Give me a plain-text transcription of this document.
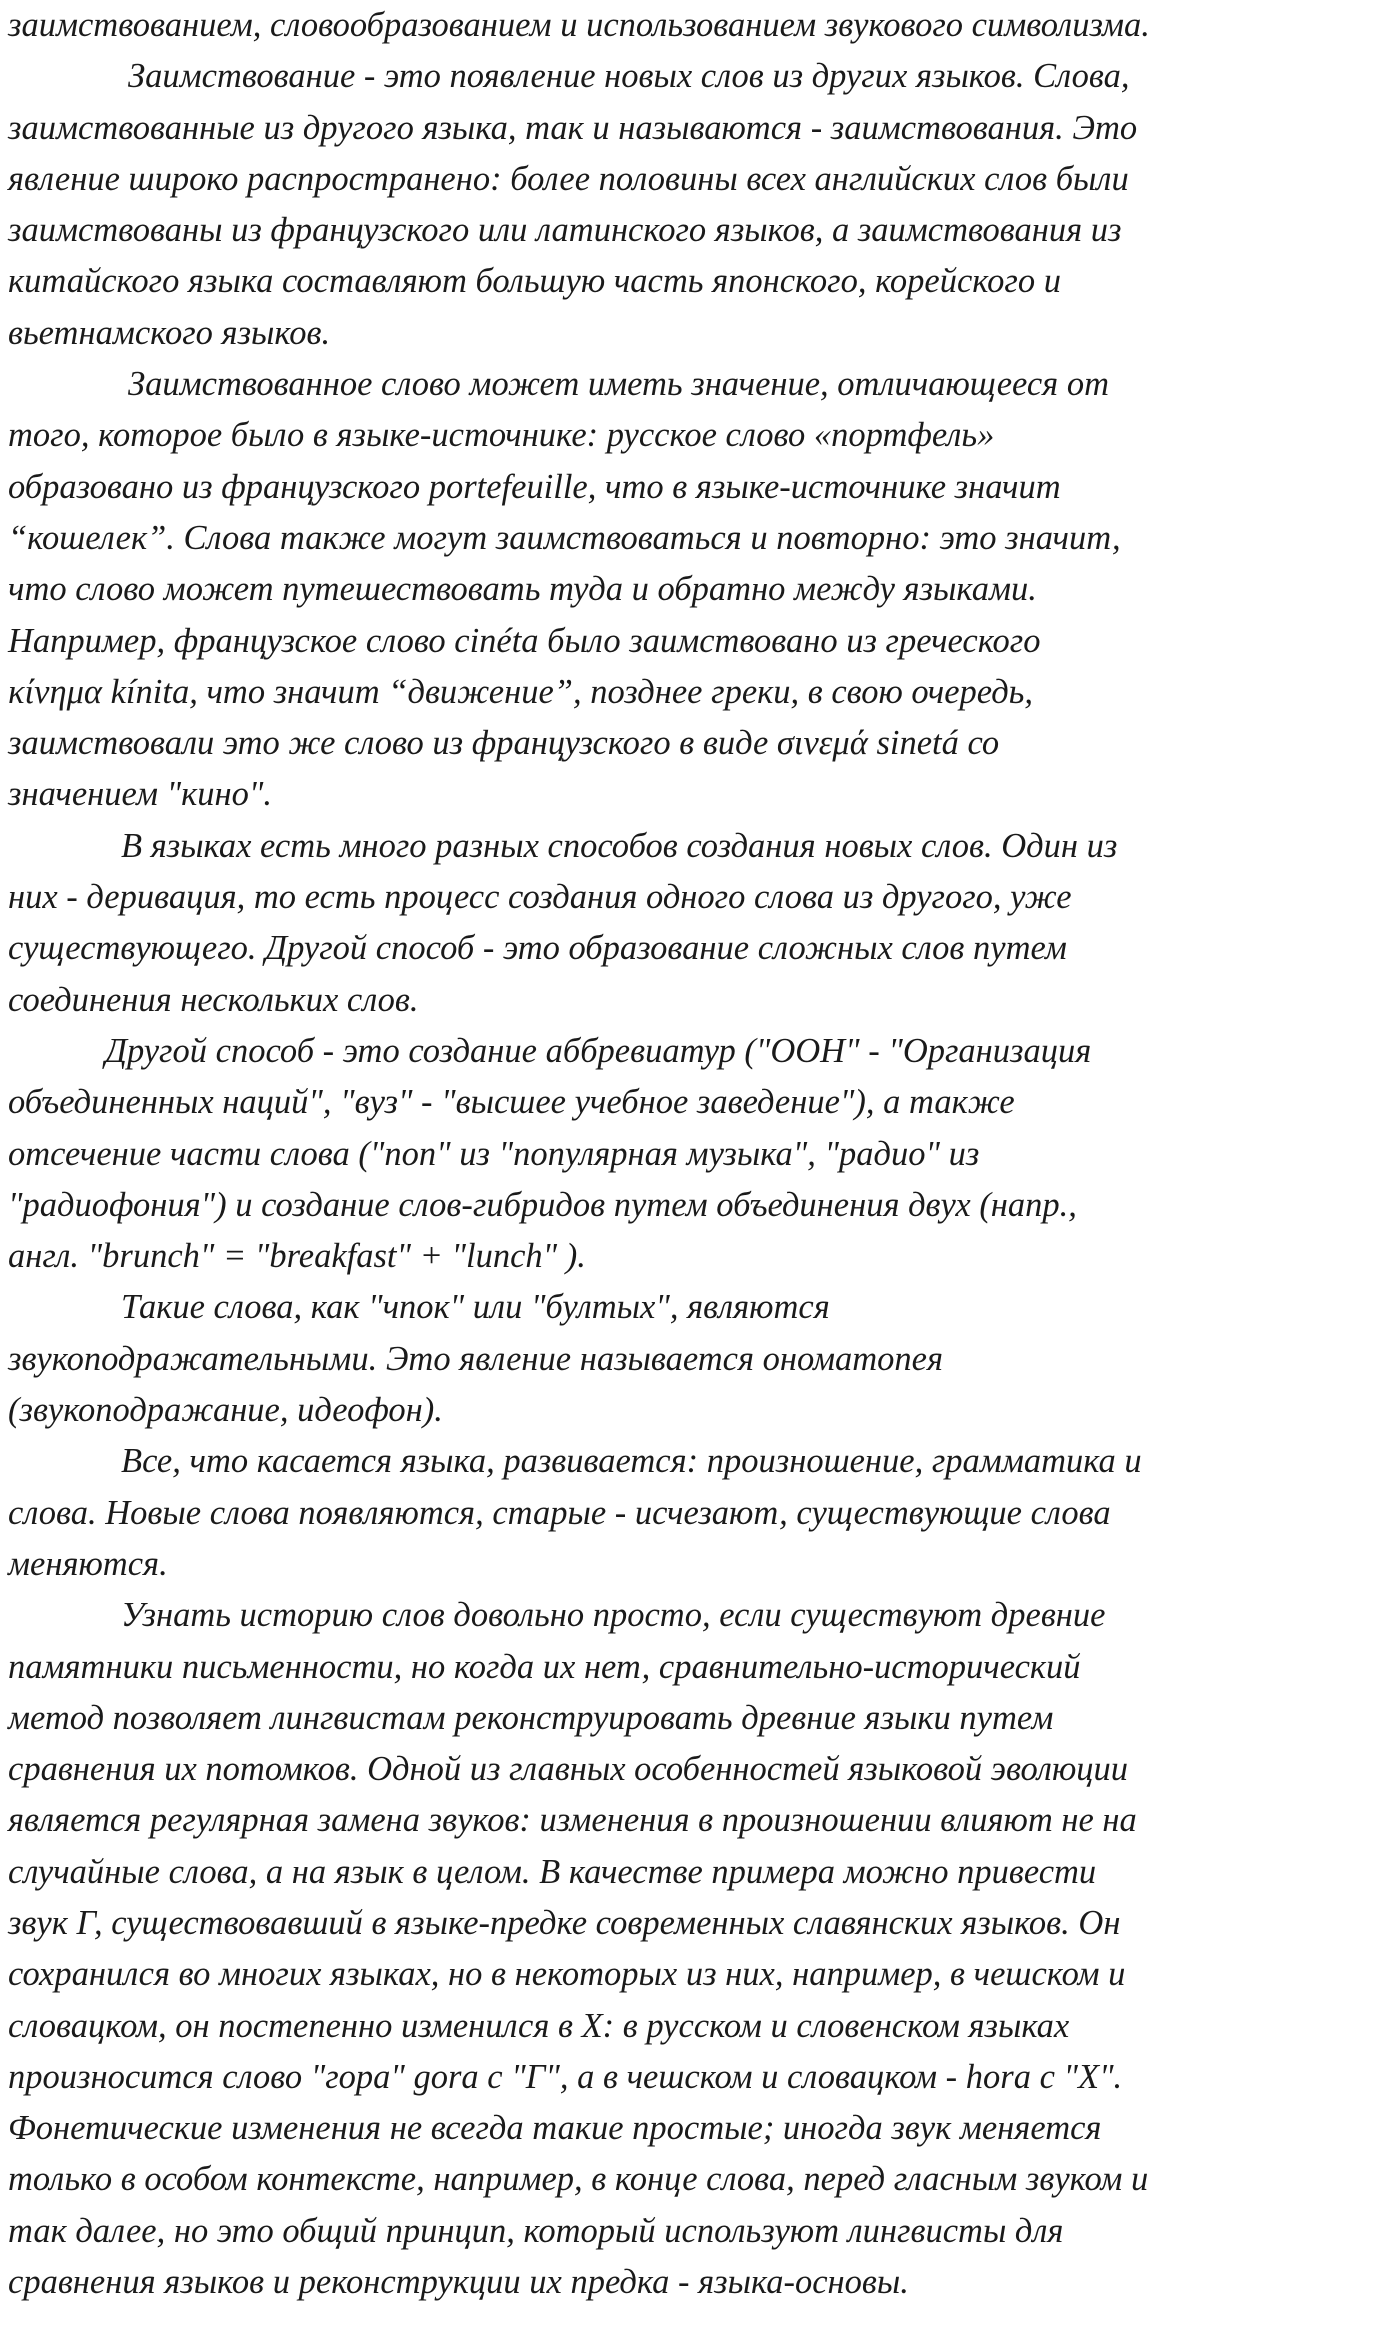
заимствованием, словообразованием и использованием звукового символизма.
Заимствование - это появление новых слов из других языков. Слова,
заимствованные из другого языка, так и называются - заимствования. Это
явление широко распространено: более половины всех английских слов были
заимствованы из французского или латинского языков, а заимствования из
китайского языка составляют большую часть японского, корейского и
вьетнамского языков.
Заимствованное слово может иметь значение, отличающееся от
того, которое было в языке-источнике: русское слово «портфель»
образовано из французского portefeuille, что в языке-источнике значит
“кошелек”. Слова также могут заимствоваться и повторно: это значит,
что слово может путешествовать туда и обратно между языками.
Например, французское слово cinéta было заимствовано из греческого
κίνημα kínita, что значит “движение”, позднее греки, в свою очередь,
заимствовали это же слово из французского в виде σινεμά sinetá со
значением "кино".
В языках есть много разных способов создания новых слов. Один из
них - деривация, то есть процесс создания одного слова из другого, уже
существующего. Другой способ - это образование сложных слов путем
соединения нескольких слов.
Другой способ - это создание аббревиатур ("ООН" - "Организация
объединенных наций", "вуз" - "высшее учебное заведение"), а также
отсечение части слова ("поп" из "популярная музыка", "радио" из
"радиофония") и создание слов-гибридов путем объединения двух (напр.,
англ. "brunch" = "breakfast" + "lunch" ).
Такие слова, как "чпок" или "бултых", являются
звукоподражательными. Это явление называется ономатопея
(звукоподражание, идеофон).
Все, что касается языка, развивается: произношение, грамматика и
слова. Новые слова появляются, старые - исчезают, существующие слова
меняются.
Узнать историю слов довольно просто, если существуют древние
памятники письменности, но когда их нет, сравнительно-исторический
метод позволяет лингвистам реконструировать древние языки путем
сравнения их потомков. Одной из главных особенностей языковой эволюции
является регулярная замена звуков: изменения в произношении влияют не на
случайные слова, а на язык в целом. В качестве примера можно привести
звук Г, существовавший в языке-предке современных славянских языков. Он
сохранился во многих языках, но в некоторых из них, например, в чешском и
словацком, он постепенно изменился в Х: в русском и словенском языках
произносится слово "гора" gora с "Г", а в чешском и словацком - hora с "Х".
Фонетические изменения не всегда такие простые; иногда звук меняется
только в особом контексте, например, в конце слова, перед гласным звуком и
так далее, но это общий принцип, который используют лингвисты для
сравнения языков и реконструкции их предка - языка-основы.
